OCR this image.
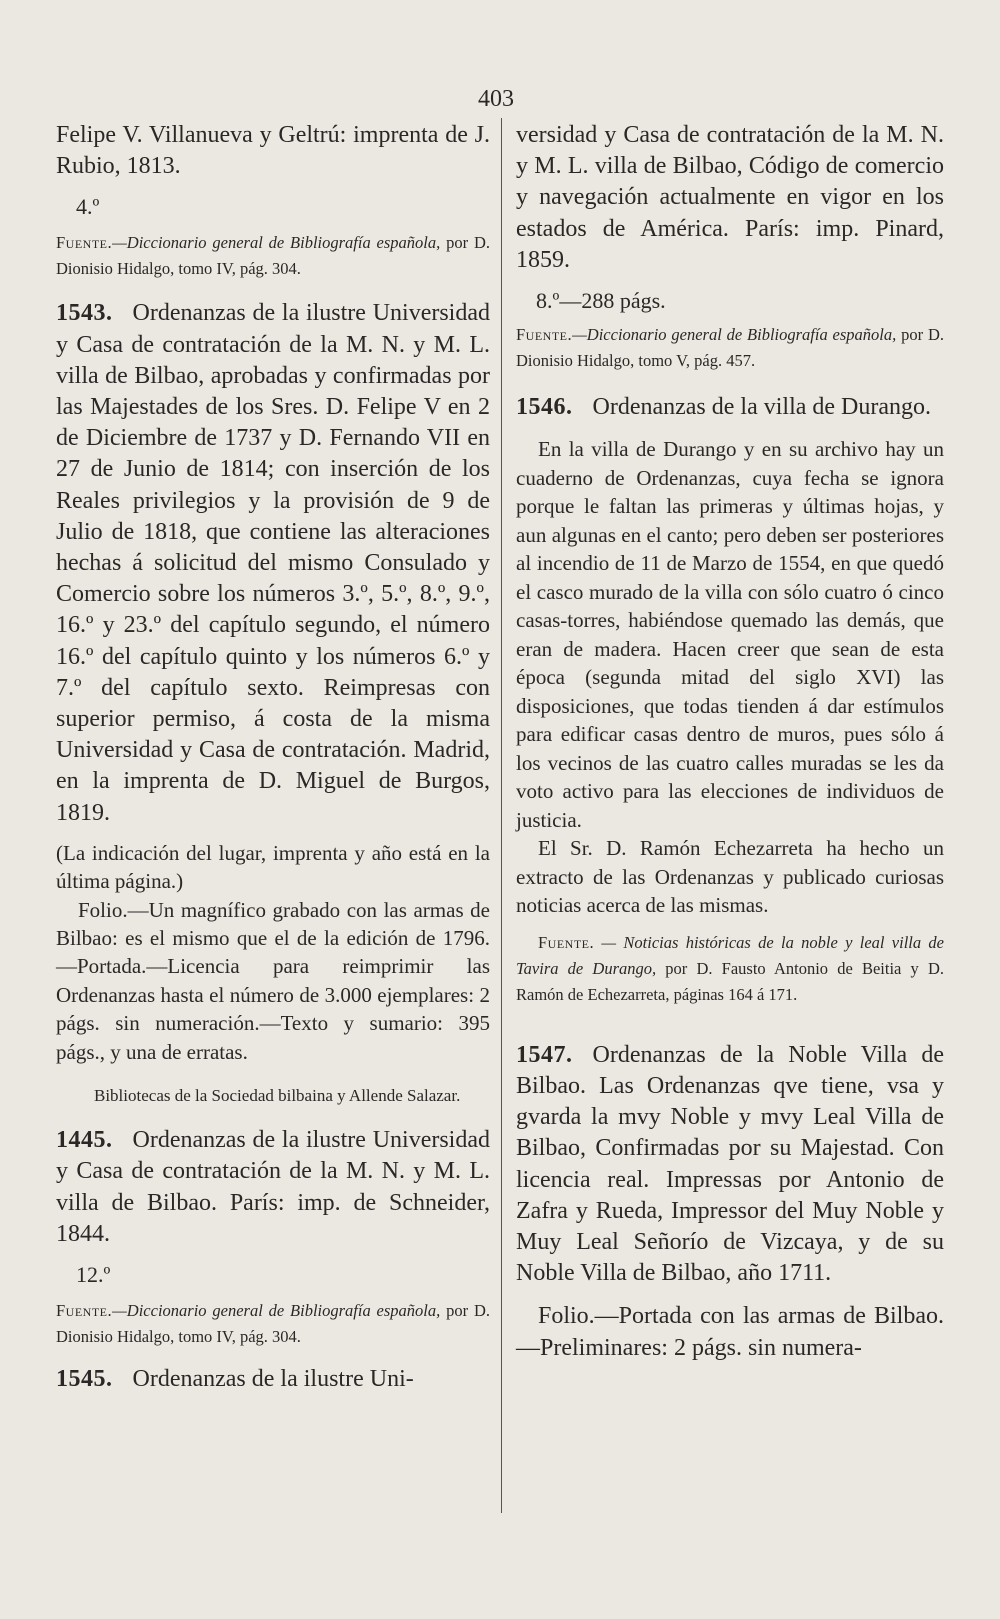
403

Felipe V. Villanueva y Geltrú: imprenta de J. Rubio, 1813.

4.º

Fuente.—Diccionario general de Bibliografía española, por D. Dionisio Hidalgo, tomo IV, pág. 304.

1543. Ordenanzas de la ilustre Universidad y Casa de contratación de la M. N. y M. L. villa de Bilbao, aprobadas y confirmadas por las Majestades de los Sres. D. Felipe V en 2 de Diciembre de 1737 y D. Fernando VII en 27 de Junio de 1814; con inserción de los Reales privilegios y la provisión de 9 de Julio de 1818, que contiene las alteraciones hechas á solicitud del mismo Consulado y Comercio sobre los números 3.º, 5.º, 8.º, 9.º, 16.º y 23.º del capítulo segundo, el número 16.º del capítulo quinto y los números 6.º y 7.º del capítulo sexto. Reimpresas con superior permiso, á costa de la misma Universidad y Casa de contratación. Madrid, en la imprenta de D. Miguel de Burgos, 1819.

(La indicación del lugar, imprenta y año está en la última página.)

Folio.—Un magnífico grabado con las armas de Bilbao: es el mismo que el de la edición de 1796.—Portada.—Licencia para reimprimir las Ordenanzas hasta el número de 3.000 ejemplares: 2 págs. sin numeración.—Texto y sumario: 395 págs., y una de erratas.

Bibliotecas de la Sociedad bilbaina y Allende Salazar.

1445. Ordenanzas de la ilustre Universidad y Casa de contratación de la M. N. y M. L. villa de Bilbao. París: imp. de Schneider, 1844.

12.º

Fuente.—Diccionario general de Bibliografía española, por D. Dionisio Hidalgo, tomo IV, pág. 304.

1545. Ordenanzas de la ilustre Uni-

versidad y Casa de contratación de la M. N. y M. L. villa de Bilbao, Código de comercio y navegación actualmente en vigor en los estados de América. París: imp. Pinard, 1859.

8.º—288 págs.

Fuente.—Diccionario general de Bibliografía española, por D. Dionisio Hidalgo, tomo V, pág. 457.

1546. Ordenanzas de la villa de Durango.

En la villa de Durango y en su archivo hay un cuaderno de Ordenanzas, cuya fecha se ignora porque le faltan las primeras y últimas hojas, y aun algunas en el canto; pero deben ser posteriores al incendio de 11 de Marzo de 1554, en que quedó el casco murado de la villa con sólo cuatro ó cinco casas-torres, habiéndose quemado las demás, que eran de madera. Hacen creer que sean de esta época (segunda mitad del siglo XVI) las disposiciones, que todas tienden á dar estímulos para edificar casas dentro de muros, pues sólo á los vecinos de las cuatro calles muradas se les da voto activo para las elecciones de individuos de justicia.

El Sr. D. Ramón Echezarreta ha hecho un extracto de las Ordenanzas y publicado curiosas noticias acerca de las mismas.

Fuente. — Noticias históricas de la noble y leal villa de Tavira de Durango, por D. Fausto Antonio de Beitia y D. Ramón de Echezarreta, páginas 164 á 171.

1547. Ordenanzas de la Noble Villa de Bilbao. Las Ordenanzas qve tiene, vsa y gvarda la mvy Noble y mvy Leal Villa de Bilbao, Confirmadas por su Majestad. Con licencia real. Impressas por Antonio de Zafra y Rueda, Impressor del Muy Noble y Muy Leal Señorío de Vizcaya, y de su Noble Villa de Bilbao, año 1711.

Folio.—Portada con las armas de Bilbao.—Preliminares: 2 págs. sin numera-
